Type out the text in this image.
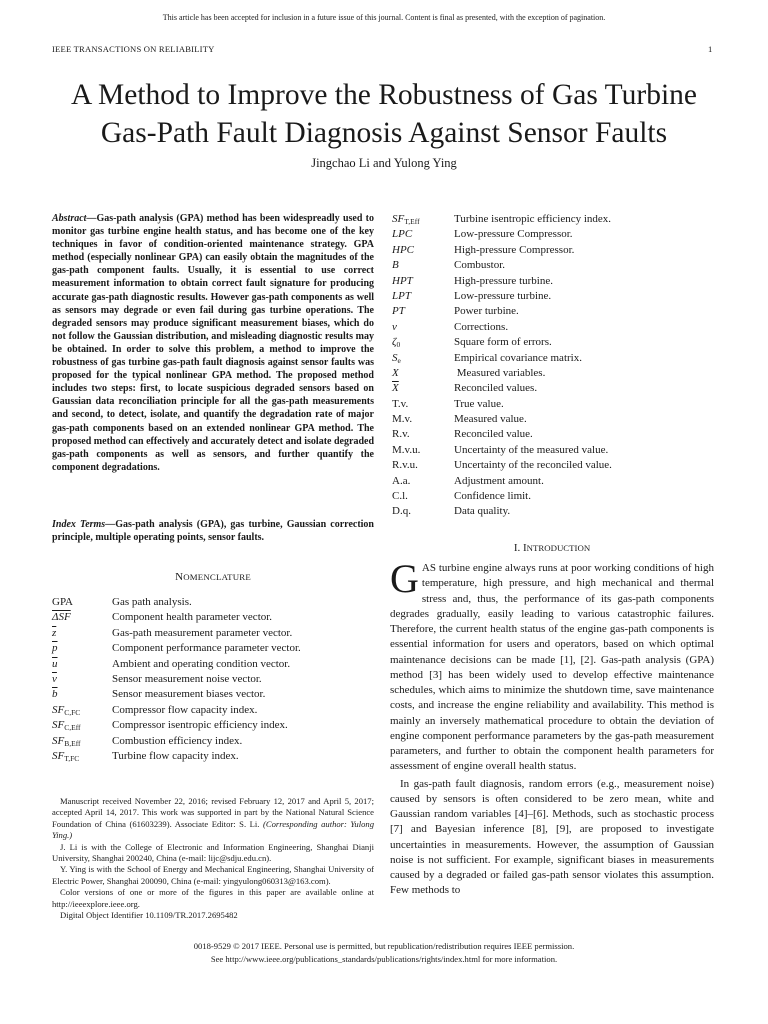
This article has been accepted for inclusion in a future issue of this journal. Content is final as presented, with the exception of pagination.
IEEE TRANSACTIONS ON RELIABILITY	1
A Method to Improve the Robustness of Gas Turbine
Gas-Path Fault Diagnosis Against Sensor Faults
Jingchao Li and Yulong Ying
Abstract—Gas-path analysis (GPA) method has been widespreadly used to monitor gas turbine engine health status, and has become one of the key techniques in favor of condition-oriented maintenance strategy. GPA method (especially nonlinear GPA) can easily obtain the magnitudes of the gas-path component faults. Usually, it is essential to use correct measurement information to obtain correct fault signature for producing accurate gas-path diagnostic results. However gas-path components as well as sensors may degrade or even fail during gas turbine operations. The degraded sensors may produce significant measurement biases, which do not follow the Gaussian distribution, and misleading diagnostic results may be obtained. In order to solve this problem, a method to improve the robustness of gas turbine gas-path fault diagnosis against sensor faults was proposed for the typical nonlinear GPA method. The proposed method includes two steps: first, to locate suspicious degraded sensors based on Gaussian data reconciliation principle for all the gas-path measurements and second, to detect, isolate, and quantify the degradation rate of major gas-path components based on an extended nonlinear GPA method. The proposed method can effectively and accurately detect and isolate degraded gas-path components as well as sensors, and further quantify the component degradations.
Index Terms—Gas-path analysis (GPA), gas turbine, Gaussian correction principle, multiple operating points, sensor faults.
NOMENCLATURE
GPA	Gas path analysis.
$\overline{\Delta SF}$	Component health parameter vector.
$\overline{z}$	Gas-path measurement parameter vector.
$\overline{p}$	Component performance parameter vector.
$\overline{u}$	Ambient and operating condition vector.
$\overline{v}$	Sensor measurement noise vector.
$\overline{b}$	Sensor measurement biases vector.
$SF_{C,FC}$	Compressor flow capacity index.
$SF_{C,Eff}$	Compressor isentropic efficiency index.
$SF_{B,Eff}$	Combustion efficiency index.
$SF_{T,FC}$	Turbine flow capacity index.
$SF_{T,Eff}$	Turbine isentropic efficiency index.
LPC	Low-pressure Compressor.
HPC	High-pressure Compressor.
B	Combustor.
HPT	High-pressure turbine.
LPT	Low-pressure turbine.
PT	Power turbine.
ν	Corrections.
$\zeta_0$	Square form of errors.
$S_e$	Empirical covariance matrix.
X	Measured variables.
$\overline{X}$	Reconciled values.
T.v.	True value.
M.v.	Measured value.
R.v.	Reconciled value.
M.v.u.	Uncertainty of the measured value.
R.v.u.	Uncertainty of the reconciled value.
A.a.	Adjustment amount.
C.l.	Confidence limit.
D.q.	Data quality.

Manuscript received November 22, 2016; revised February 12, 2017 and April 5, 2017; accepted April 14, 2017. This work was supported in part by the National Natural Science Foundation of China (61603239). Associate Editor: S. Li. (Corresponding author: Yulong Ying.)

J. Li is with the College of Electronic and Information Engineering, Shanghai Dianji University, Shanghai 200240, China (e-mail: lijc@sdju.edu.cn).

Y. Ying is with the School of Energy and Mechanical Engineering, Shanghai University of Electric Power, Shanghai 200090, China (e-mail: yingyulong060313@163.com).

Color versions of one or more of the figures in this paper are available online at http://ieeexplore.ieee.org.

Digital Object Identifier 10.1109/TR.2017.2695482

I. INTRODUCTION

GAS turbine engine always runs at poor working conditions of high temperature, high pressure, and high mechanical and thermal stress and, thus, the performance of its gas-path components degrades gradually, easily leading to various catastrophic failures. Therefore, the current health status of the engine gas-path components is essential information for users and operators, based on which optimal maintenance decisions can be made [1], [2]. Gas-path analysis (GPA) method [3] has been widely used to develop effective maintenance schedules, which aims to minimize the shutdown time, save maintenance costs, and increase the engine reliability and availability. This method is mainly an inversely mathematical procedure to obtain the deviation of engine component performance parameters by the gas-path measurement parameters, and further to obtain the component health parameters for assessment of engine overall health status.

In gas-path fault diagnosis, random errors (e.g., measurement noise) caused by sensors is often considered to be zero mean, white and Gaussian random variables [4]–[6]. Methods, such as stochastic process [7] and Bayesian inference [8], [9], are proposed to investigate uncertainties in measurements. However, the assumption of Gaussian noise is not sufficient. For example, significant biases in measurements caused by a degraded or failed gas-path sensor violates this assumption. Few methods to

0018-9529 © 2017 IEEE. Personal use is permitted, but republication/redistribution requires IEEE permission.
See http://www.ieee.org/publications_standards/publications/rights/index.html for more information.
